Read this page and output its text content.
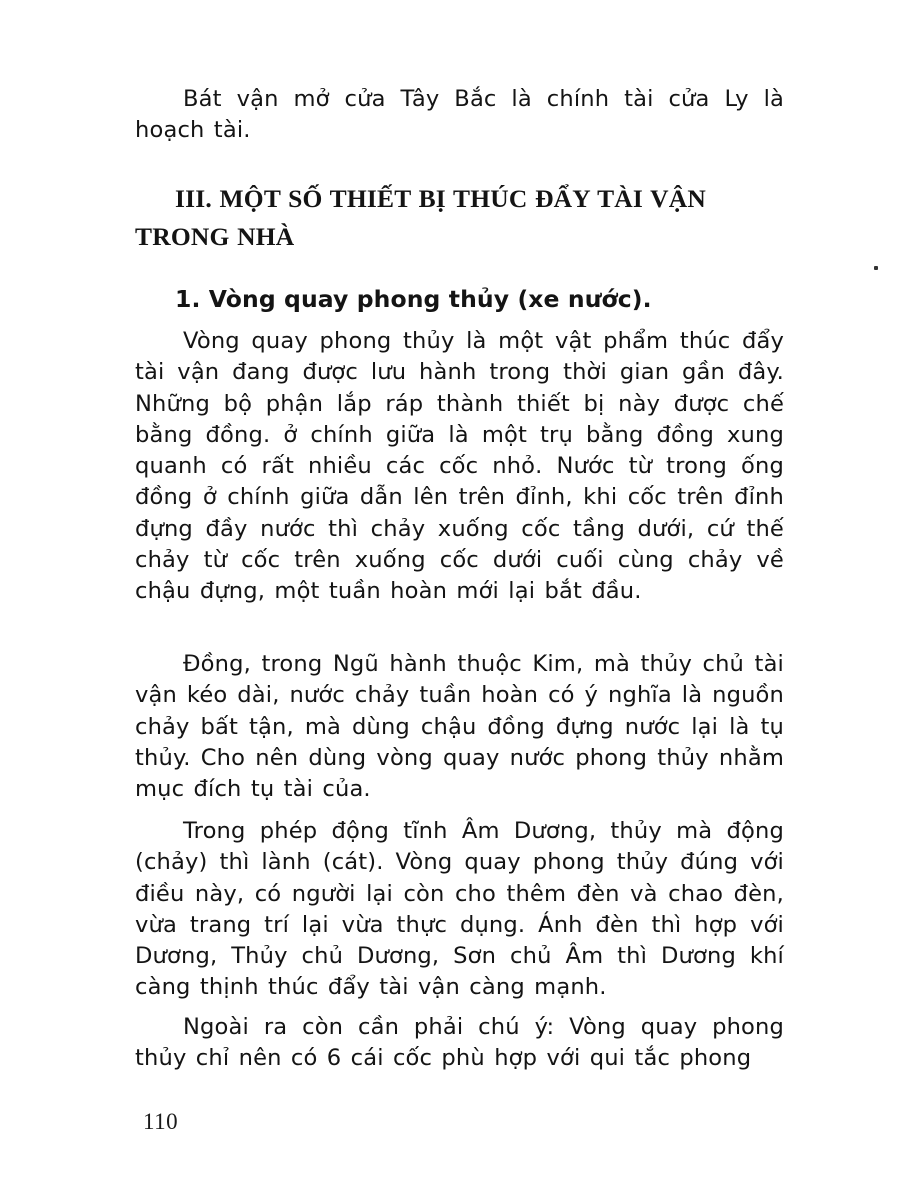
Bát vận mở cửa Tây Bắc là chính tài cửa Ly là hoạch tài.

III. MỘT SỐ THIẾT BỊ THÚC ĐẨY TÀI VẬN TRONG NHÀ
1. Vòng quay phong thủy (xe nước).

Vòng quay phong thủy là một vật phẩm thúc đẩy tài vận đang được lưu hành trong thời gian gần đây. Những bộ phận lắp ráp thành thiết bị này được chế bằng đồng. ở chính giữa là một trụ bằng đồng xung quanh có rất nhiều các cốc nhỏ. Nước từ trong ống đồng ở chính giữa dẫn lên trên đỉnh, khi cốc trên đỉnh đựng đầy nước thì chảy xuống cốc tầng dưới, cứ thế chảy từ cốc trên xuống cốc dưới cuối cùng chảy về chậu đựng, một tuần hoàn mới lại bắt đầu.

Đồng, trong Ngũ hành thuộc Kim, mà thủy chủ tài vận kéo dài, nước chảy tuần hoàn có ý nghĩa là nguồn chảy bất tận, mà dùng chậu đồng đựng nước lại là tụ thủy. Cho nên dùng vòng quay nước phong thủy nhằm mục đích tụ tài của.

Trong phép động tĩnh Âm Dương, thủy mà động (chảy) thì lành (cát). Vòng quay phong thủy đúng với điều này, có người lại còn cho thêm đèn và chao đèn, vừa trang trí lại vừa thực dụng. Ánh đèn thì hợp với Dương, Thủy chủ Dương, Sơn chủ Âm thì Dương khí càng thịnh thúc đẩy tài vận càng mạnh.

Ngoài ra còn cần phải chú ý: Vòng quay phong thủy chỉ nên có 6 cái cốc phù hợp với qui tắc phong

110
